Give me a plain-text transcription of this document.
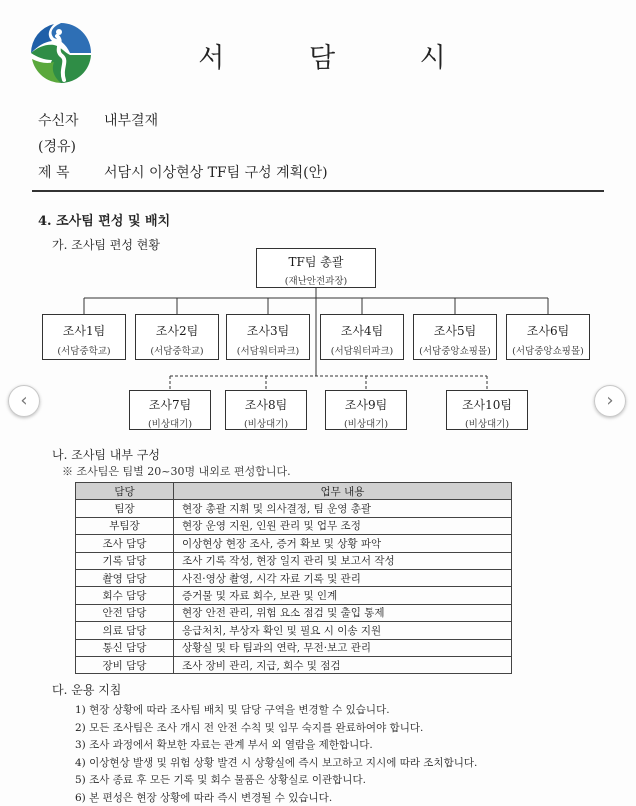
서 담 시
수신자 내부결재
(경유)
제 목 서담시 이상현상 TF팀 구성 계획(안)
4. 조사팀 편성 및 배치
가. 조사팀 편성 현황
TF팀 총괄
(재난안전과장)
조사1팀
(서담중학교)
조사2팀
(서담중학교)
조사3팀
(서담워터파크)
조사4팀
(서담워터파크)
조사5팀
(서담중앙쇼핑몰)
조사6팀
(서담중앙쇼핑몰)
조사7팀
(비상대기)
조사8팀
(비상대기)
조사9팀
(비상대기)
조사10팀
(비상대기)
나. 조사팀 내부 구성
※ 조사팀은 팀별 20~30명 내외로 편성합니다.
담당	업무 내용
팀장	현장 총괄 지휘 및 의사결정, 팀 운영 총괄
부팀장	현장 운영 지원, 인원 관리 및 업무 조정
조사 담당	이상현상 현장 조사, 증거 확보 및 상황 파악
기록 담당	조사 기록 작성, 현장 일지 관리 및 보고서 작성
촬영 담당	사진·영상 촬영, 시각 자료 기록 및 관리
회수 담당	증거물 및 자료 회수, 보관 및 인계
안전 담당	현장 안전 관리, 위험 요소 점검 및 출입 통제
의료 담당	응급처치, 부상자 확인 및 필요 시 이송 지원
통신 담당	상황실 및 타 팀과의 연락, 무전·보고 관리
장비 담당	조사 장비 관리, 지급, 회수 및 점검
다. 운용 지침
1) 현장 상황에 따라 조사팀 배치 및 담당 구역을 변경할 수 있습니다.
2) 모든 조사팀은 조사 개시 전 안전 수칙 및 임무 숙지를 완료하여야 합니다.
3) 조사 과정에서 확보한 자료는 관계 부서 외 열람을 제한합니다.
4) 이상현상 발생 및 위험 상황 발견 시 상황실에 즉시 보고하고 지시에 따라 조치합니다.
5) 조사 종료 후 모든 기록 및 회수 물품은 상황실로 이관합니다.
6) 본 편성은 현장 상황에 따라 즉시 변경될 수 있습니다.
‹	›
